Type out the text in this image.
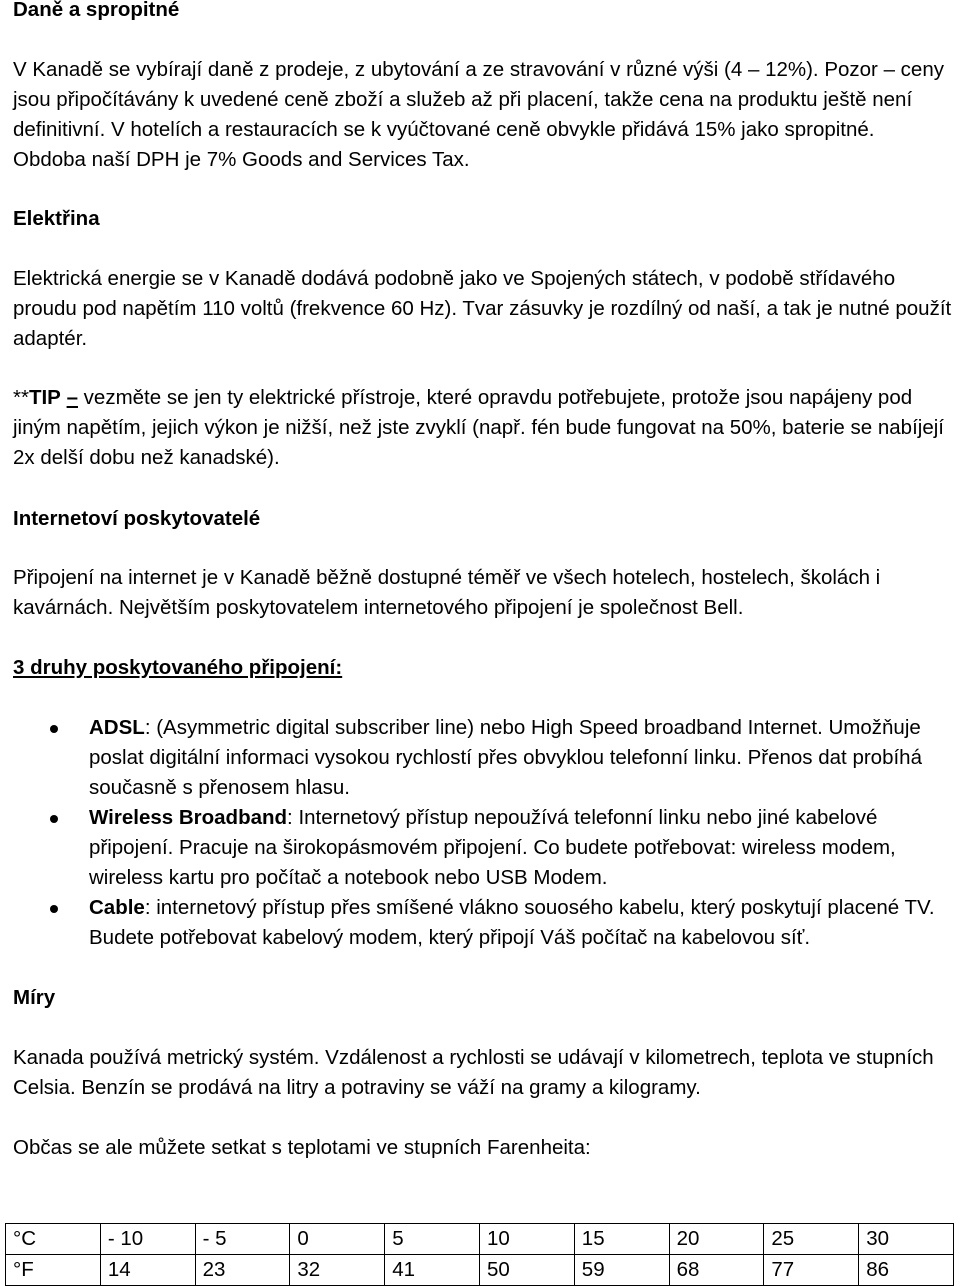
Daně a spropitné
V Kanadě se vybírají daně z prodeje, z ubytování a ze stravování v různé výši (4 – 12%). Pozor – ceny jsou připočítávány k uvedené ceně zboží a služeb až při placení, takže cena na produktu ještě není definitivní. V hotelích a restauracích se k vyúčtované ceně obvykle přidává 15% jako spropitné. Obdoba naší DPH je 7% Goods and Services Tax.
Elektřina
Elektrická energie se v Kanadě dodává podobně jako ve Spojených státech, v podobě střídavého proudu pod napětím 110 voltů (frekvence 60 Hz). Tvar zásuvky je rozdílný od naší, a tak je nutné použít adaptér.
**TIP – vezměte se jen ty elektrické přístroje, které opravdu potřebujete, protože jsou napájeny pod jiným napětím, jejich výkon je nižší, než jste zvyklí (např. fén bude fungovat na 50%, baterie se nabíjejí 2x delší dobu než kanadské).
Internetoví poskytovatelé
Připojení na internet je v Kanadě běžně dostupné téměř ve všech hotelech, hostelech, školách i kavárnách. Největším poskytovatelem internetového připojení je společnost Bell.
3 druhy poskytovaného připojení:
ADSL: (Asymmetric digital subscriber line) nebo High Speed broadband Internet. Umožňuje poslat digitální informaci vysokou rychlostí přes obvyklou telefonní linku. Přenos dat probíhá současně s přenosem hlasu.
Wireless Broadband: Internetový přístup nepoužívá telefonní linku nebo jiné kabelové připojení. Pracuje na širokopásmovém připojení. Co budete potřebovat: wireless modem, wireless kartu pro počítač a notebook nebo USB Modem.
Cable: internetový přístup přes smíšené vlákno souosého kabelu, který poskytují placené TV. Budete potřebovat kabelový modem, který připojí Váš počítač na kabelovou síť.
Míry
Kanada používá metrický systém. Vzdálenost a rychlosti se udávají v kilometrech, teplota ve stupních Celsia. Benzín se prodává na litry a potraviny se váží na gramy a kilogramy.
Občas se ale můžete setkat s teplotami ve stupních Farenheita:
°C	- 10	- 5	0	5	10	15	20	25	30
°F	14	23	32	41	50	59	68	77	86
